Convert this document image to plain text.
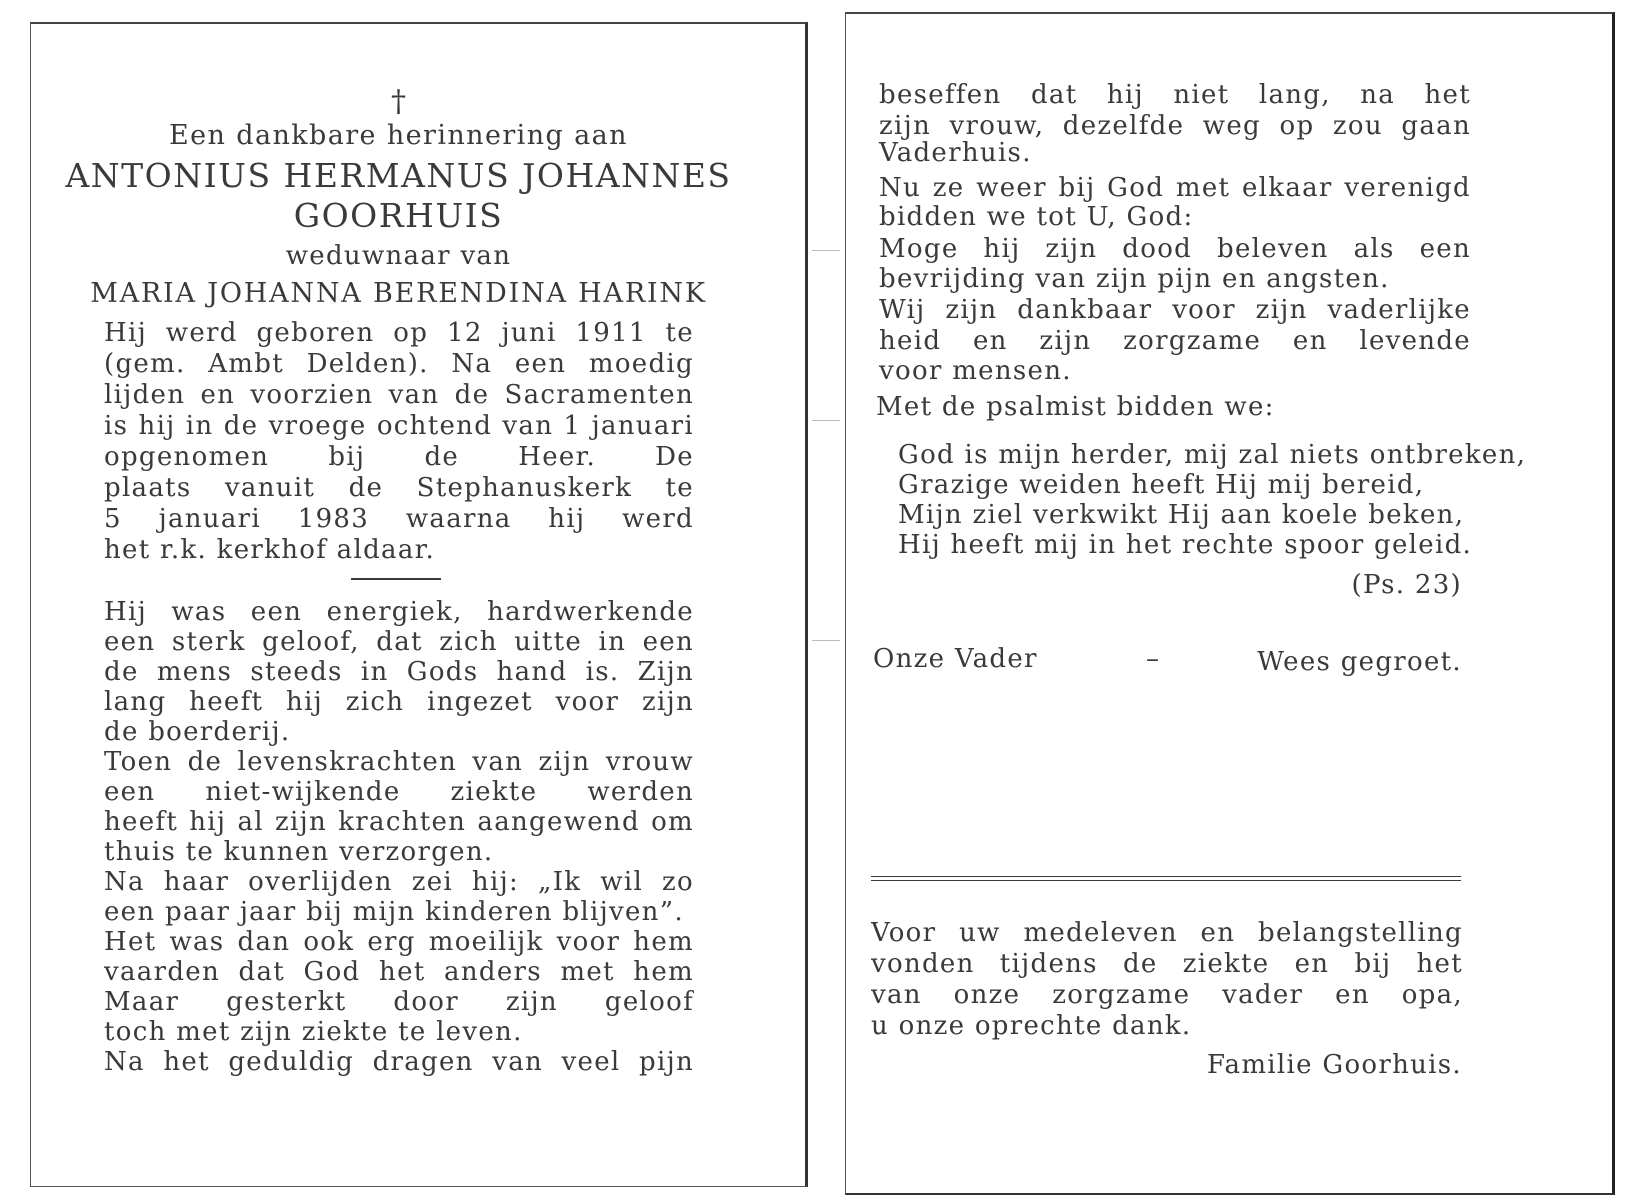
†
Een dankbare herinnering aan
ANTONIUS HERMANUS JOHANNES
GOORHUIS
weduwnaar van
MARIA JOHANNA BERENDINA HARINK
Hij werd geboren op 12 juni 1911 te
(gem. Ambt Delden). Na een moedig
lijden en voorzien van de Sacramenten
is hij in de vroege ochtend van 1 januari
opgenomen bij de Heer. De
plaats vanuit de Stephanuskerk te
5 januari 1983 waarna hij werd
het r.k. kerkhof aldaar.
Hij was een energiek, hardwerkende
een sterk geloof, dat zich uitte in een
de mens steeds in Gods hand is. Zijn
lang heeft hij zich ingezet voor zijn
de boerderij.
Toen de levenskrachten van zijn vrouw
een niet-wijkende ziekte werden
heeft hij al zijn krachten aangewend om
thuis te kunnen verzorgen.
Na haar overlijden zei hij: „Ik wil zo
een paar jaar bij mijn kinderen blijven”.
Het was dan ook erg moeilijk voor hem
vaarden dat God het anders met hem
Maar gesterkt door zijn geloof
toch met zijn ziekte te leven.
Na het geduldig dragen van veel pijn
beseffen dat hij niet lang, na het
zijn vrouw, dezelfde weg op zou gaan
Vaderhuis.
Nu ze weer bij God met elkaar verenigd
bidden we tot U, God:
Moge hij zijn dood beleven als een
bevrijding van zijn pijn en angsten.
Wij zijn dankbaar voor zijn vaderlijke
heid en zijn zorgzame en levende
voor mensen.
Met de psalmist bidden we:
God is mijn herder, mij zal niets ontbreken,
Grazige weiden heeft Hij mij bereid,
Mijn ziel verkwikt Hij aan koele beken,
Hij heeft mij in het rechte spoor geleid.
(Ps. 23)
Onze Vader	–	Wees gegroet.
Voor uw medeleven en belangstelling
vonden tijdens de ziekte en bij het
van onze zorgzame vader en opa,
u onze oprechte dank.
Familie Goorhuis.
